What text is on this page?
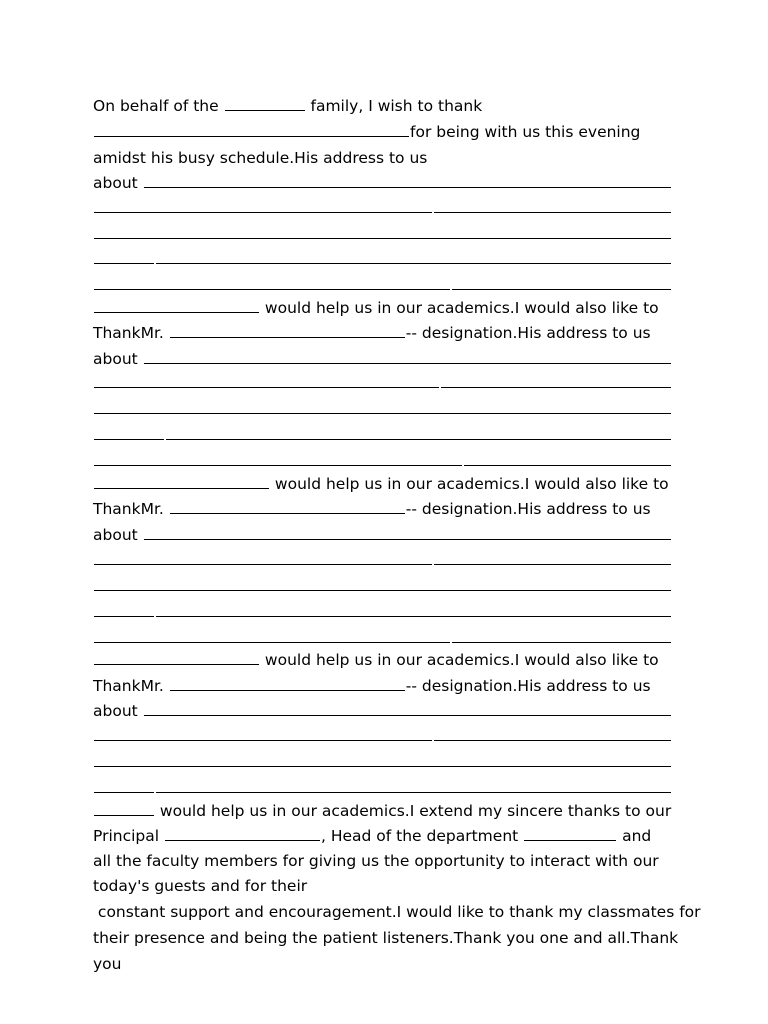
On behalf of the	family, I wish to thank
for being with us this evening
amidst his busy schedule.His address to us
about
would help us in our academics.I would also like to
ThankMr.	-- designation.His address to us
about
would help us in our academics.I would also like to
ThankMr.	-- designation.His address to us
about
would help us in our academics.I would also like to
ThankMr.	-- designation.His address to us
about
would help us in our academics.I extend my sincere thanks to our
Principal	, Head of the department	and
all the faculty members for giving us the opportunity to interact with our
today's guests and for their
constant support and encouragement.I would like to thank my classmates for
their presence and being the patient listeners.Thank you one and all.Thank
you
